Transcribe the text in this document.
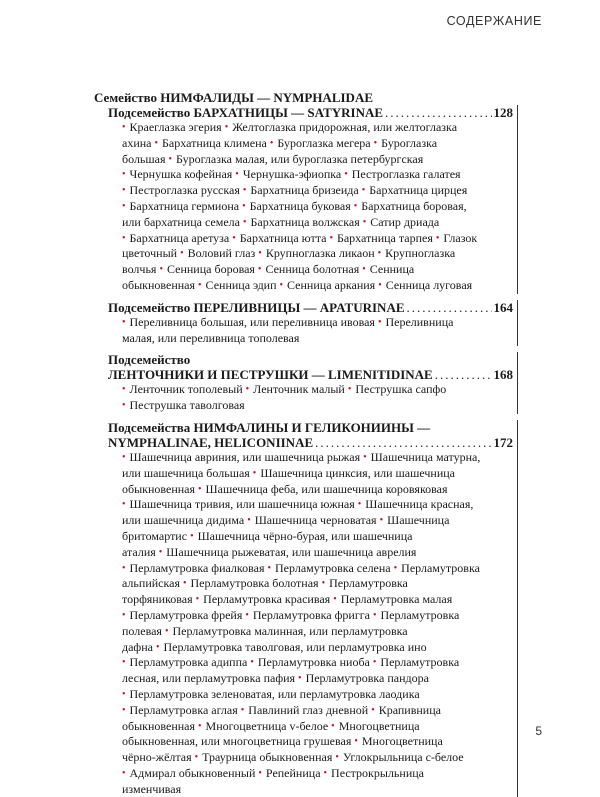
СОДЕРЖАНИЕ
Семейство НИМФАЛИДЫ — NYMPHALIDAE
Подсемейство БАРХАТНИЦЫ — SATYRINAE .....	128
• Краеглазка эгерия • Желтоглазка придорожная, или желтоглазка
ахина • Бархатница климена • Буроглазка мегера • Буроглазка
большая • Буроглазка малая, или буроглазка петербургская
• Чернушка кофейная • Чернушка-эфиопка • Пестроглазка галатея
• Пестроглазка русская • Бархатница бризеида • Бархатница цирцея
• Бархатница гермиона • Бархатница буковая • Бархатница боровая,
или бархатница семела • Бархатница волжская • Сатир дриада
• Бархатница аретуза • Бархатница ютта • Бархатница тарпея • Глазок
цветочный • Воловий глаз • Крупноглазка ликаон • Крупноглазка
волчья • Сенница боровая • Сенница болотная • Сенница
обыкновенная • Сенница эдип • Сенница аркания • Сенница луговая
Подсемейство ПЕРЕЛИВНИЦЫ — APATURINAE .....	164
• Переливница большая, или переливница ивовая • Переливница
малая, или переливница тополевая
Подсемейство
ЛЕНТОЧНИКИ И ПЕСТРУШКИ — LIMENITIDINAE .....	168
• Ленточник тополевый • Ленточник малый • Пеструшка сапфо
• Пеструшка таволговая
Подсемейства НИМФАЛИНЫ И ГЕЛИКОНИИНЫ —
NYMPHALINAE, HELICONIINAE .....	172
• Шашечница авриния, или шашечница рыжая • Шашечница матурна,
или шашечница большая • Шашечница цинксия, или шашечница
обыкновенная • Шашечница феба, или шашечница коровяковая
• Шашечница тривия, или шашечница южная • Шашечница красная,
или шашечница дидима • Шашечница черноватая • Шашечница
бритомартис • Шашечница чёрно-бурая, или шашечница
аталия • Шашечница рыжеватая, или шашечница аврелия
• Перламутровка фиалковая • Перламутровка селена • Перламутровка
альпийская • Перламутровка болотная • Перламутровка
торфяниковая • Перламутровка красивая • Перламутровка малая
• Перламутровка фрейя • Перламутровка фригга • Перламутровка
полевая • Перламутровка малинная, или перламутровка
дафна • Перламутровка таволговая, или перламутровка ино
• Перламутровка адиппа • Перламутровка ниоба • Перламутровка
лесная, или перламутровка пафия • Перламутровка пандора
• Перламутровка зеленоватая, или перламутровка лаодика
• Перламутровка аглая • Павлиний глаз дневной • Крапивница
обыкновенная • Многоцветница v-белое • Многоцветница
обыкновенная, или многоцветница грушевая • Многоцветница
чёрно-жёлтая • Траурница обыкновенная • Углокрыльница c-белое
• Адмирал обыкновенный • Репейница • Пестрокрыльница
изменчивая
5
